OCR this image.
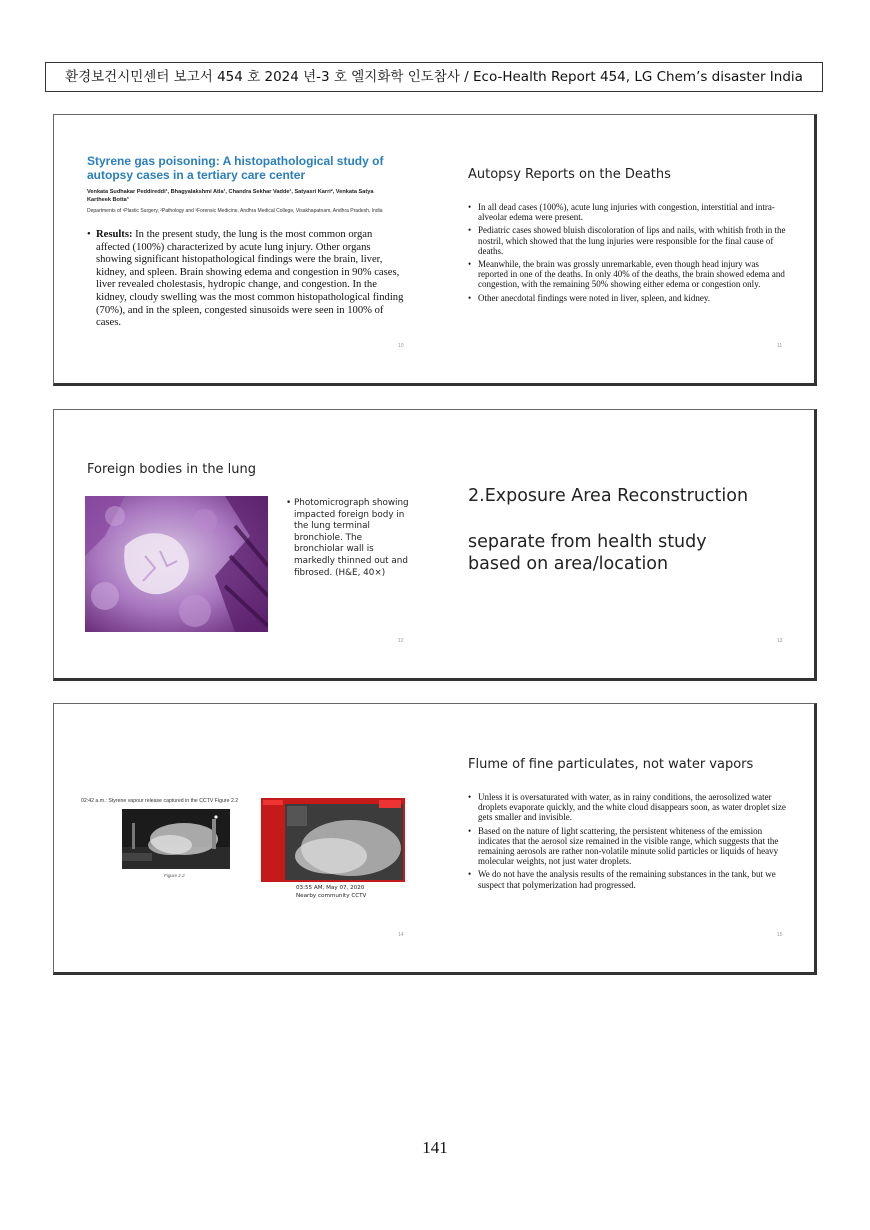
환경보건시민센터 보고서 454 호 2024 년-3 호 엘지화학 인도참사 / Eco-Health Report 454, LG Chem’s disaster India
Styrene gas poisoning: A histopathological study of autopsy cases in a tertiary care center
Venkata Sudhakar Peddireddi¹, Bhagyalakshmi Atla¹, Chandra Sekhar Vadde¹, Satyasri Karri², Venkata Satya Kartheek Botta³
Departments of ¹Plastic Surgery, ²Pathology and ³Forensic Medicine, Andhra Medical College, Visakhapatnam, Andhra Pradesh, India
• Results: In the present study, the lung is the most common organ affected (100%) characterized by acute lung injury. Other organs showing significant histopathological findings were the brain, liver, kidney, and spleen. Brain showing edema and congestion in 90% cases, liver revealed cholestasis, hydropic change, and congestion. In the kidney, cloudy swelling was the most common histopathological finding (70%), and in the spleen, congested sinusoids were seen in 100% of cases.
10
Autopsy Reports on the Deaths
• In all dead cases (100%), acute lung injuries with congestion, interstitial and intra-alveolar edema were present.
• Pediatric cases showed bluish discoloration of lips and nails, with whitish froth in the nostril, which showed that the lung injuries were responsible for the final cause of deaths.
• Meanwhile, the brain was grossly unremarkable, even though head injury was reported in one of the deaths. In only 40% of the deaths, the brain showed edema and congestion, with the remaining 50% showing either edema or congestion only.
• Other anecdotal findings were noted in liver, spleen, and kidney.
11
Foreign bodies in the lung
• Photomicrograph showing impacted foreign body in the lung terminal bronchiole. The bronchiolar wall is markedly thinned out and fibrosed. (H&E, 40×)
12
2.Exposure Area Reconstruction
separate from health study
based on area/location
13
02:42 a.m.: Styrene vapour release captured in the CCTV Figure 2.2
Figure 2.2
03:55 AM, May 07, 2020
Nearby community CCTV
14
Flume of fine particulates, not water vapors
• Unless it is oversaturated with water, as in rainy conditions, the aerosolized water droplets evaporate quickly, and the white cloud disappears soon, as water droplet size gets smaller and invisible.
• Based on the nature of light scattering, the persistent whiteness of the emission indicates that the aerosol size remained in the visible range, which suggests that the remaining aerosols are rather non-volatile minute solid particles or liquids of heavy molecular weights, not just water droplets.
• We do not have the analysis results of the remaining substances in the tank, but we suspect that polymerization had progressed.
15
141
